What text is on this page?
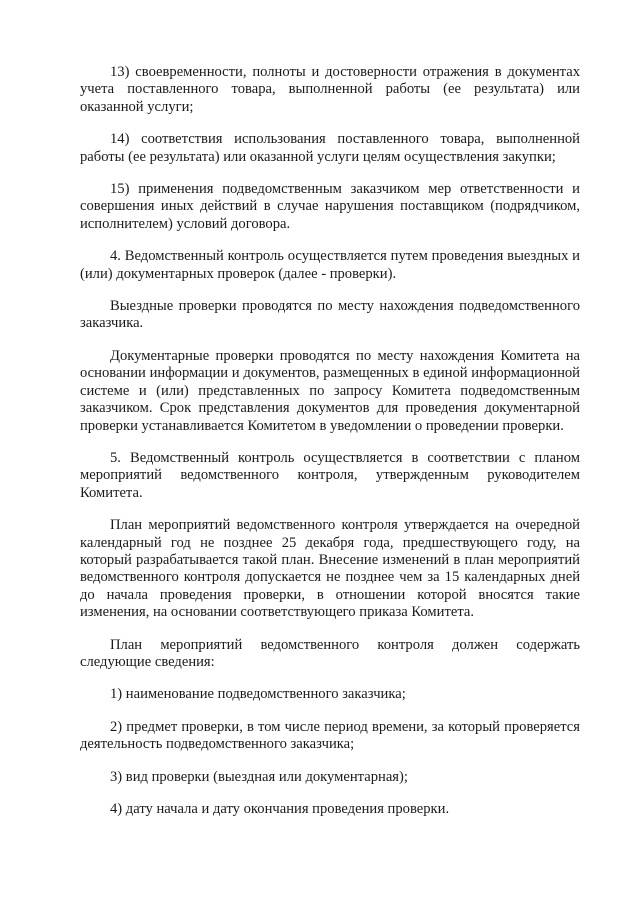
13) своевременности, полноты и достоверности отражения в документах учета поставленного товара, выполненной работы (ее результата) или оказанной услуги;

14) соответствия использования поставленного товара, выполненной работы (ее результата) или оказанной услуги целям осуществления закупки;

15) применения подведомственным заказчиком мер ответственности и совершения иных действий в случае нарушения поставщиком (подрядчиком, исполнителем) условий договора.

4. Ведомственный контроль осуществляется путем проведения выездных и (или) документарных проверок (далее - проверки).

Выездные проверки проводятся по месту нахождения подведомственного заказчика.

Документарные проверки проводятся по месту нахождения Комитета на основании информации и документов, размещенных в единой информационной системе и (или) представленных по запросу Комитета подведомственным заказчиком. Срок представления документов для проведения документарной проверки устанавливается Комитетом в уведомлении о проведении проверки.

5. Ведомственный контроль осуществляется в соответствии с планом мероприятий ведомственного контроля, утвержденным руководителем Комитета.

План мероприятий ведомственного контроля утверждается на очередной календарный год не позднее 25 декабря года, предшествующего году, на который разрабатывается такой план. Внесение изменений в план мероприятий ведомственного контроля допускается не позднее чем за 15 календарных дней до начала проведения проверки, в отношении которой вносятся такие изменения, на основании соответствующего приказа Комитета.

План мероприятий ведомственного контроля должен содержать следующие сведения:

1) наименование подведомственного заказчика;

2) предмет проверки, в том числе период времени, за который проверяется деятельность подведомственного заказчика;

3) вид проверки (выездная или документарная);

4) дату начала и дату окончания проведения проверки.
